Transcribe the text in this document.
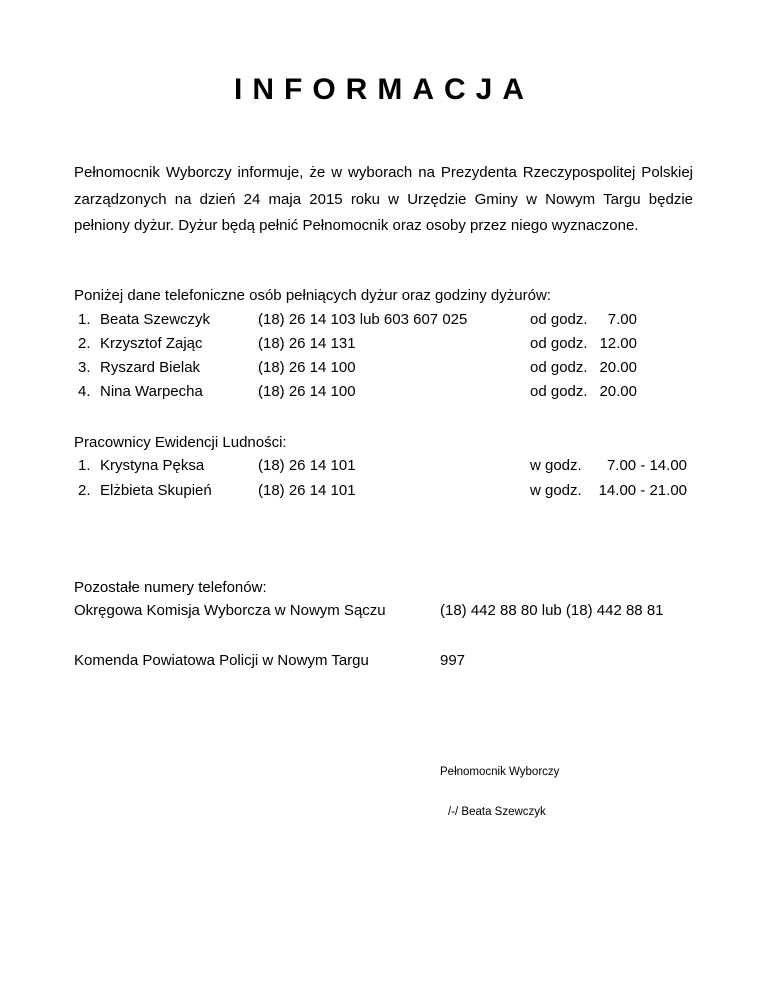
INFORMACJA

Pełnomocnik Wyborczy informuje, że w wyborach na Prezydenta Rzeczypospolitej Polskiej zarządzonych na dzień 24 maja 2015 roku w Urzędzie Gminy w Nowym Targu będzie pełniony dyżur. Dyżur będą pełnić Pełnomocnik oraz osoby przez niego wyznaczone.

Poniżej dane telefoniczne osób pełniących dyżur oraz godziny dyżurów:

1. Beata Szewczyk	(18) 26 14 103 lub 603 607 025	od godz.	7.00
2. Krzysztof Zając	(18) 26 14 131	od godz. 12.00
3. Ryszard Bielak	(18) 26 14 100	od godz. 20.00
4. Nina Warpecha	(18) 26 14 100	od godz. 20.00

Pracownicy Ewidencji Ludności:

1. Krystyna Pęksa	(18) 26 14 101	w godz.	7.00 - 14.00
2. Elżbieta Skupień	(18) 26 14 101	w godz.	14.00 - 21.00

Pozostałe numery telefonów:

Okręgowa Komisja Wyborcza w Nowym Sączu	(18) 442 88 80 lub (18) 442 88 81
Komenda Powiatowa Policji w Nowym Targu	997
Pełnomocnik Wyborczy
/-/ Beata Szewczyk
